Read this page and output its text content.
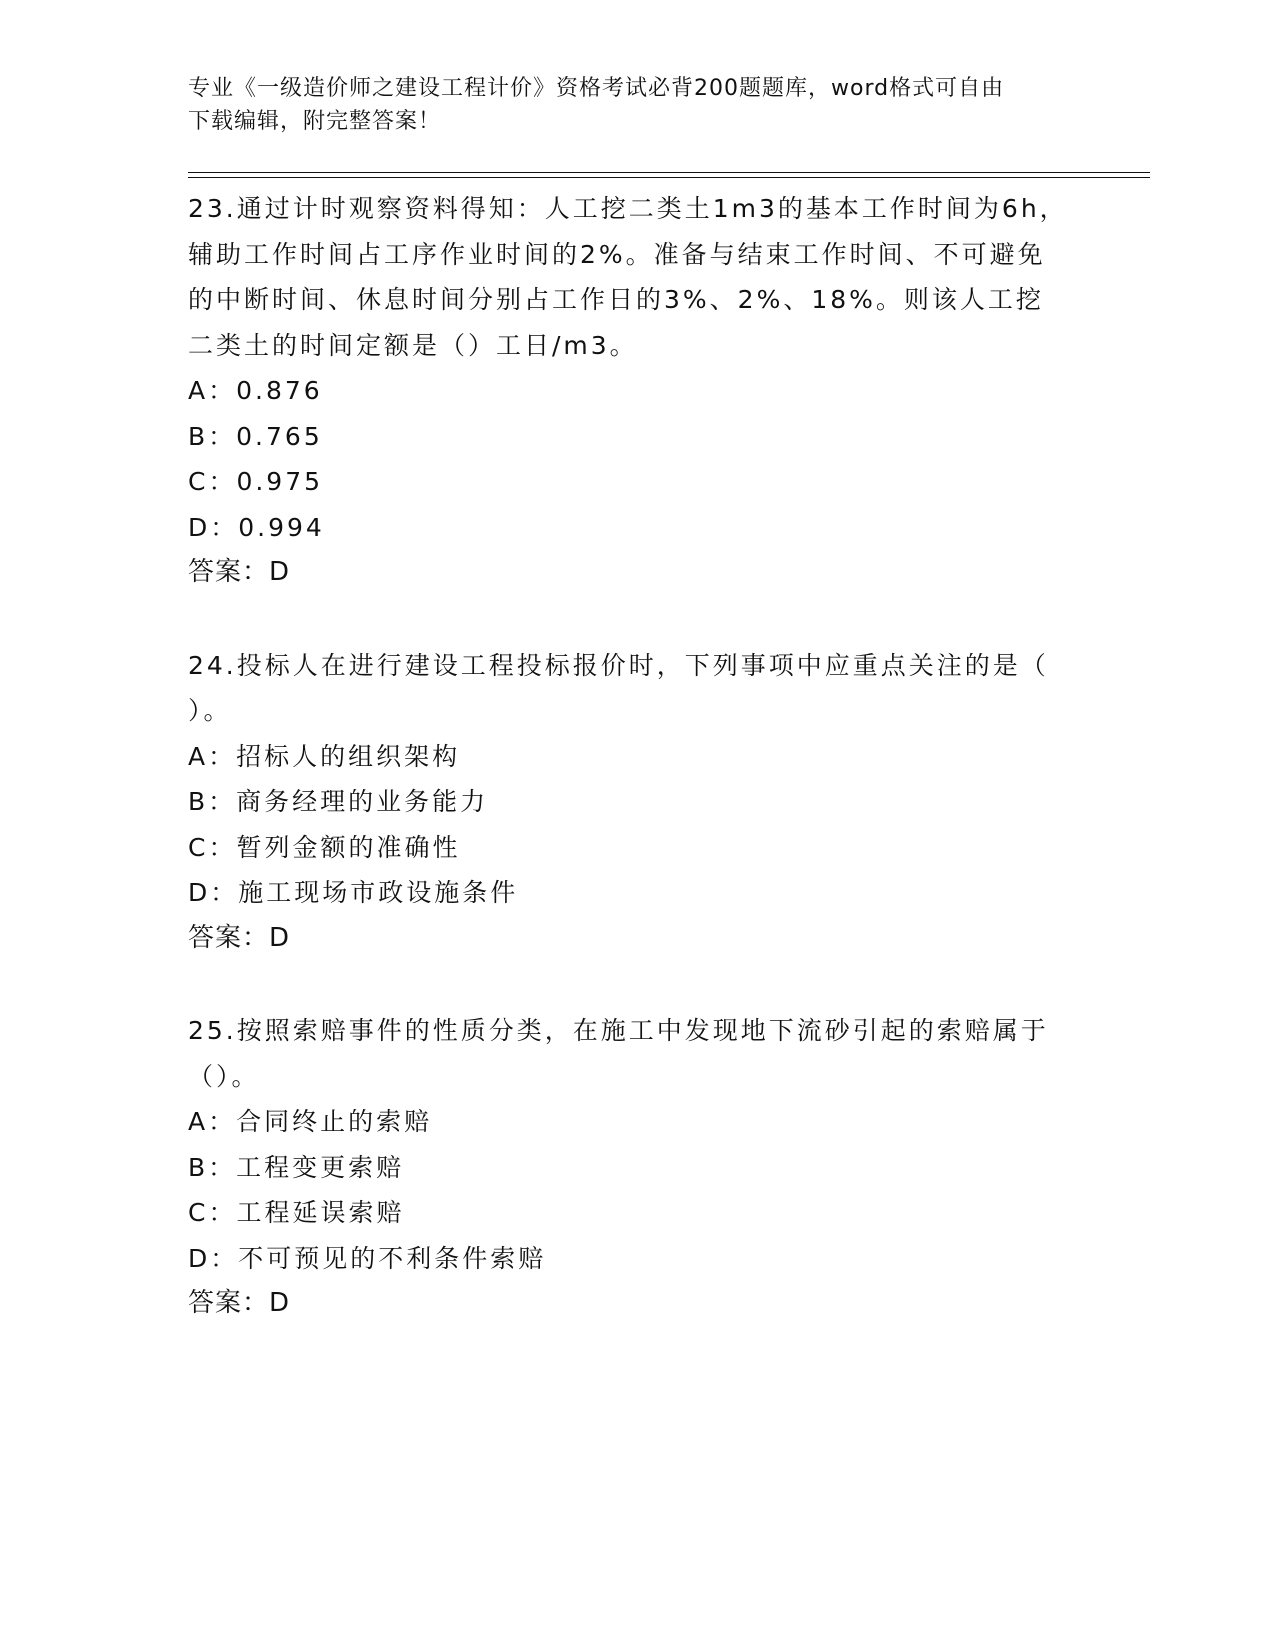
专业《一级造价师之建设工程计价》资格考试必背200题题库，word格式可自由
下载编辑，附完整答案！
23.通过计时观察资料得知：人工挖二类土1m3的基本工作时间为6h，
辅助工作时间占工序作业时间的2%。准备与结束工作时间、不可避免
的中断时间、休息时间分别占工作日的3%、2%、18%。则该人工挖
二类土的时间定额是（）工日/m3。
A：0.876
B：0.765
C：0.975
D：0.994
答案：D
24.投标人在进行建设工程投标报价时，下列事项中应重点关注的是（
）。
A：招标人的组织架构
B：商务经理的业务能力
C：暂列金额的准确性
D：施工现场市政设施条件
答案：D
25.按照索赔事件的性质分类，在施工中发现地下流砂引起的索赔属于
（）。
A：合同终止的索赔
B：工程变更索赔
C：工程延误索赔
D：不可预见的不利条件索赔
答案：D
